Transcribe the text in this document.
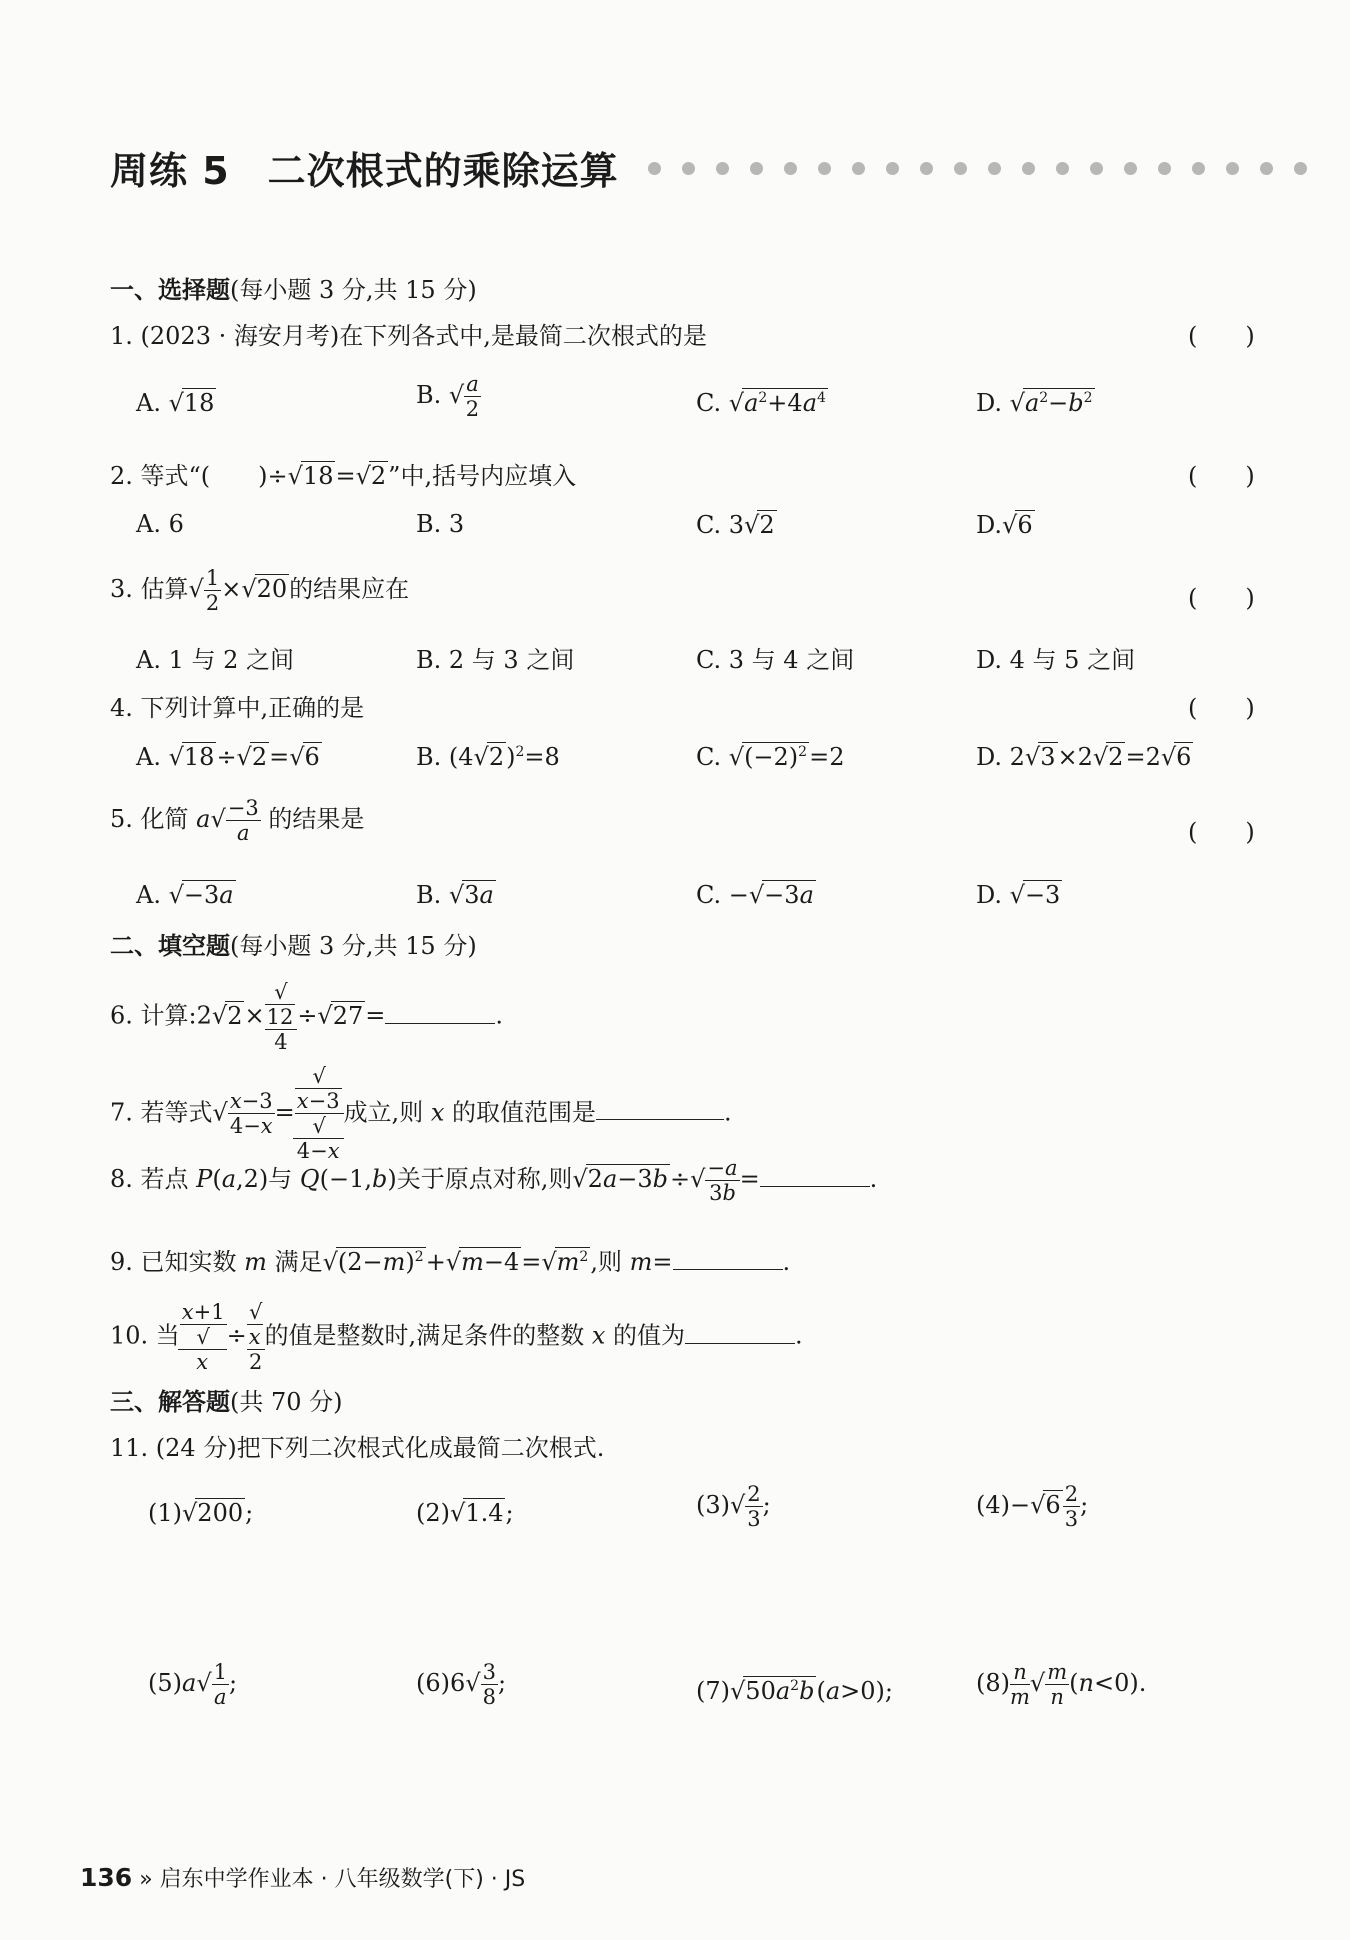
周练 5 二次根式的乘除运算
一、选择题(每小题 3 分,共 15 分)
1. (2023 · 海安月考)在下列各式中,是最简二次根式的是	(　　)
A. √18	B. √ $\frac{a}{2}$	C. $√a^2+4a^4$	D. $√a^2-b^2$
2. 等式“(　　)÷√18=√2”中,括号内应填入	(　　)
A. 6	B. 3	C. 3√2	D.√6
3. 估算√ $\frac{1}{2} \times√20$的结果应在	(　　)
A. 1 与 2 之间	B. 2 与 3 之间	C. 3 与 4 之间	D. 4 与 5 之间
4. 下列计算中,正确的是	(　　)
A. √18÷√2=√6	B. $(4√2)^2=8$	C. $√(-2)^2=2$	D. 2√3×2√2=2√6
5. 化简 $a√ \frac{-3}{a}$ 的结果是	(　　)
A. √−3a	B. √3a	C. −√−3a	D. √−3
二、填空题(每小题 3 分,共 15 分)
6. 计算:2√2× √
12
4 ÷√27=	.
7. 若等式√ $\frac{x-3}{4-x}$ = √
x−3
√
4−x 成立,则 x 的取值范围是	.
8. 若点 P(a,2)与 Q(−1,b)关于原点对称,则$√2a-3b\div√ \frac{-a}{3b}$ =	.
9. 已知实数 m 满足$√(2-m)^2+√m-4=√m^2$,则 m=	.
10. 当 x+1
√
x ÷ √
x
2 的值是整数时,满足条件的整数 x 的值为	.
三、解答题(共 70 分)
11. (24 分)把下列二次根式化成最简二次根式.
(1)√200;	(2)√1.4;	$(3)√ \frac{2}{3}$ ;	$(4)-√6 \frac{2}{3}$ ;
$(5)a√ \frac{1}{a}$ ;	$(6)6√ \frac{3}{8}$ ;	$(7)√50a^2b(a>0)$;	$(8) \frac{n}{m}$ √ $\frac{m}{n} (n<0)$.
136 » 启东中学作业本 · 八年级数学(下) · JS
